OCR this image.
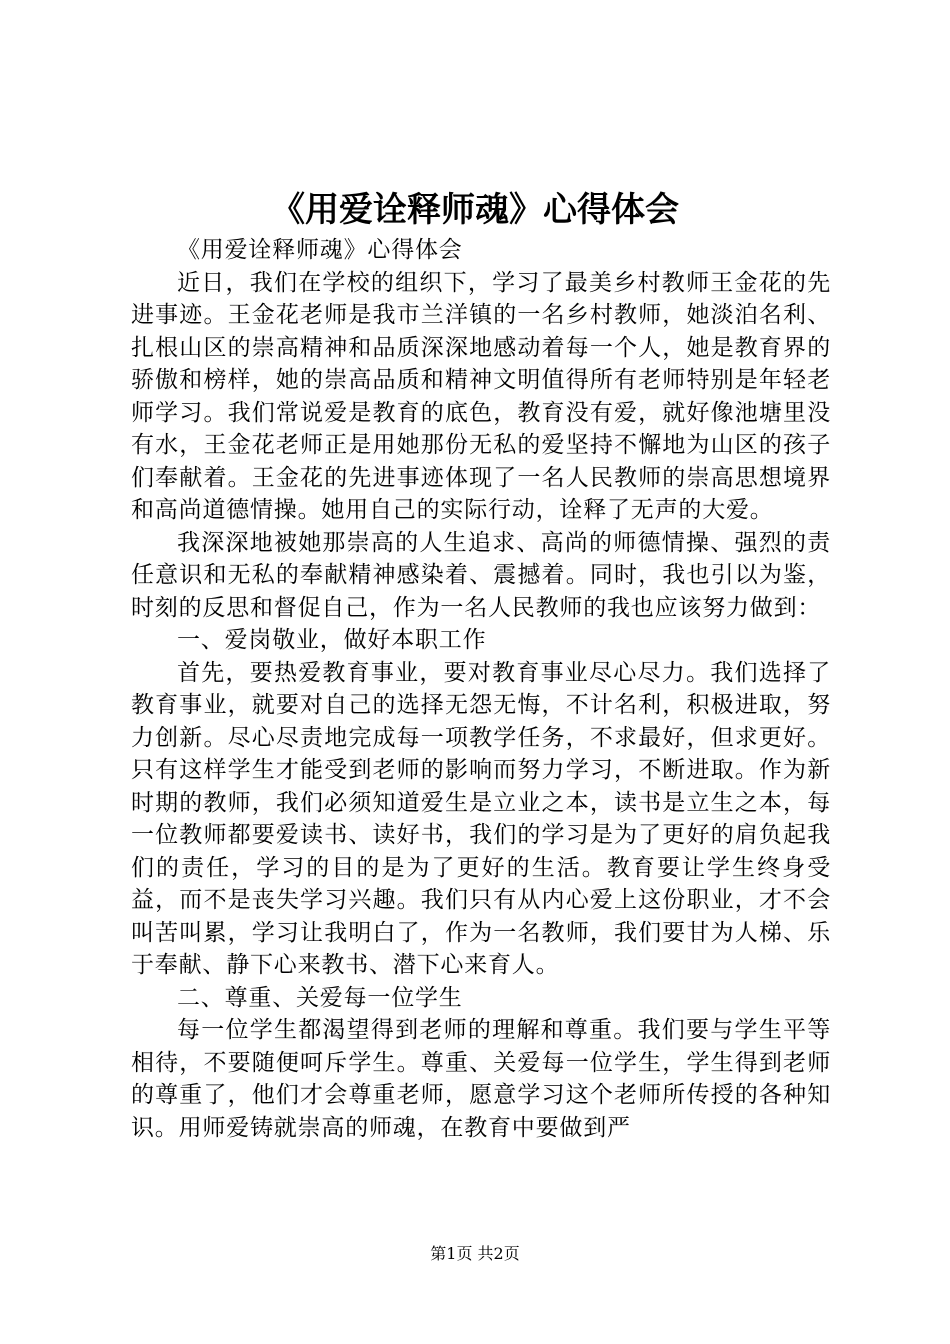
《用爱诠释师魂》心得体会

《用爱诠释师魂》心得体会

近日，我们在学校的组织下，学习了最美乡村教师王金花的先进事迹。王金花老师是我市兰洋镇的一名乡村教师，她淡泊名利、扎根山区的崇高精神和品质深深地感动着每一个人，她是教育界的骄傲和榜样，她的崇高品质和精神文明值得所有老师特别是年轻老师学习。我们常说爱是教育的底色，教育没有爱，就好像池塘里没有水，王金花老师正是用她那份无私的爱坚持不懈地为山区的孩子们奉献着。王金花的先进事迹体现了一名人民教师的崇高思想境界和高尚道德情操。她用自己的实际行动，诠释了无声的大爱。

我深深地被她那崇高的人生追求、高尚的师德情操、强烈的责任意识和无私的奉献精神感染着、震撼着。同时，我也引以为鉴，时刻的反思和督促自己，作为一名人民教师的我也应该努力做到：

一、爱岗敬业，做好本职工作

首先，要热爱教育事业，要对教育事业尽心尽力。我们选择了教育事业，就要对自己的选择无怨无悔，不计名利，积极进取，努力创新。尽心尽责地完成每一项教学任务，不求最好，但求更好。只有这样学生才能受到老师的影响而努力学习，不断进取。作为新时期的教师，我们必须知道爱生是立业之本，读书是立生之本，每一位教师都要爱读书、读好书，我们的学习是为了更好的肩负起我们的责任，学习的目的是为了更好的生活。教育要让学生终身受益，而不是丧失学习兴趣。我们只有从内心爱上这份职业，才不会叫苦叫累，学习让我明白了，作为一名教师，我们要甘为人梯、乐于奉献、静下心来教书、潜下心来育人。

二、尊重、关爱每一位学生

每一位学生都渴望得到老师的理解和尊重。我们要与学生平等相待，不要随便呵斥学生。尊重、关爱每一位学生，学生得到老师的尊重了，他们才会尊重老师，愿意学习这个老师所传授的各种知识。用师爱铸就崇高的师魂，在教育中要做到严

第1页 共2页
